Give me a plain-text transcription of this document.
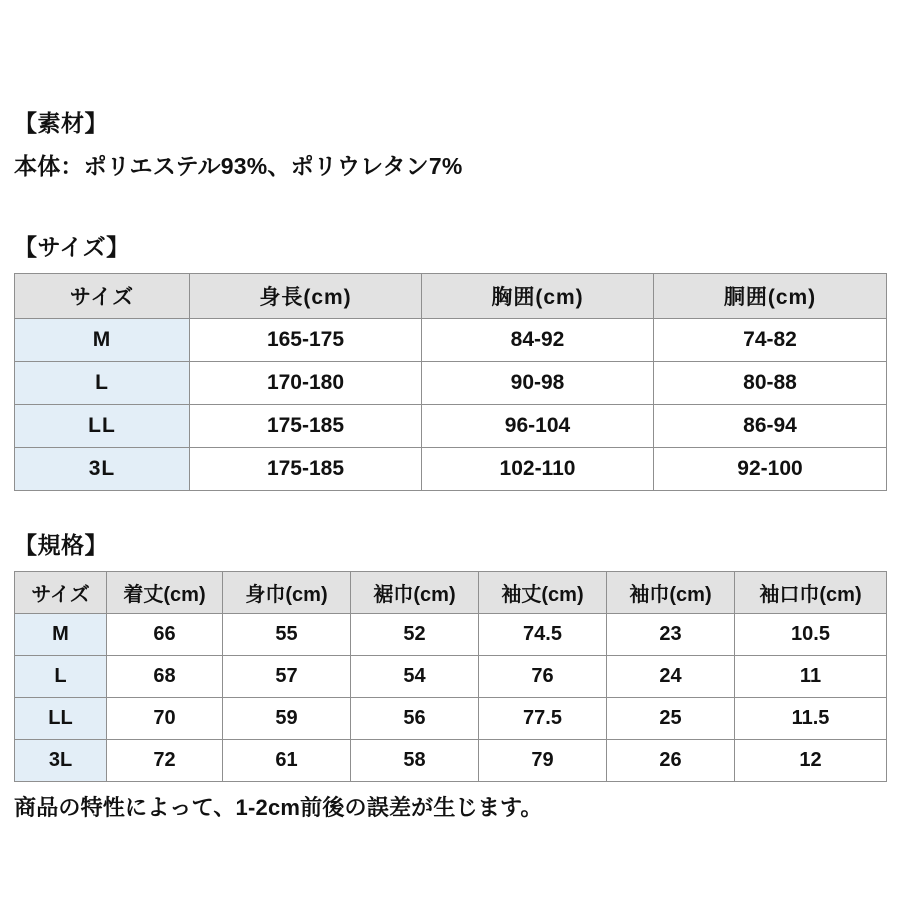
【素材】
本体：ポリエステル93%、ポリウレタン7%
【サイズ】
サイズ	身長(cm)	胸囲(cm)	胴囲(cm)
M	165-175	84-92	74-82
L	170-180	90-98	80-88
LL	175-185	96-104	86-94
3L	175-185	102-110	92-100
【規格】
サイズ	着丈(cm)	身巾(cm)	裾巾(cm)	袖丈(cm)	袖巾(cm)	袖口巾(cm)
M	66	55	52	74.5	23	10.5
L	68	57	54	76	24	11
LL	70	59	56	77.5	25	11.5
3L	72	61	58	79	26	12
商品の特性によって、1-2cm前後の誤差が生じます。
